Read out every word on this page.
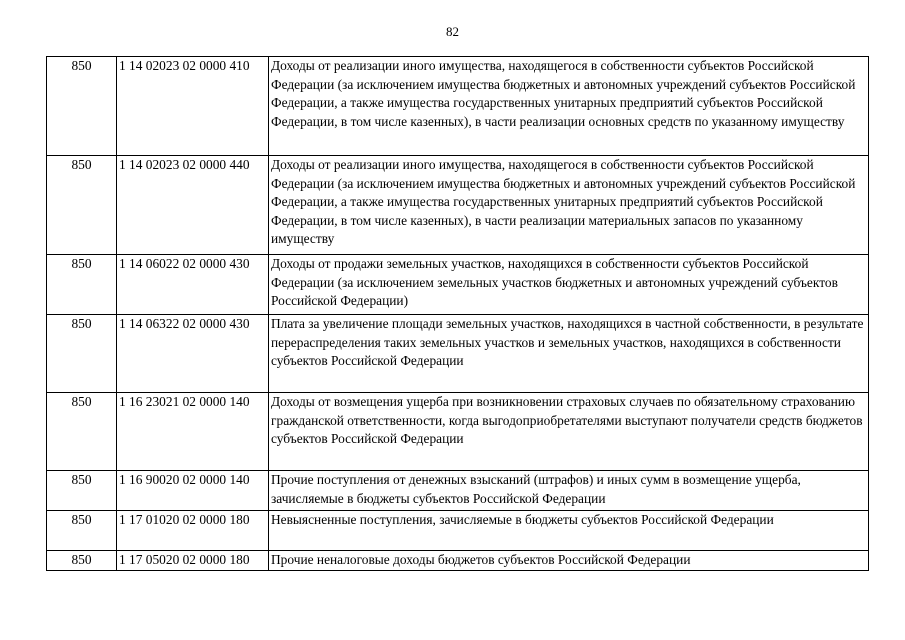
82
850	1 14 02023 02 0000 410	Доходы от реализации иного имущества, находящегося в собственности субъектов Российской Федерации (за исключением имущества бюджетных и автономных учреждений субъектов Российской Федерации, а также имущества государственных унитарных предприятий субъектов Российской Федерации, в том числе казенных), в части реализации основных средств по указанному имуществу
850	1 14 02023 02 0000 440	Доходы от реализации иного имущества, находящегося в собственности субъектов Российской Федерации (за исключением имущества бюджетных и автономных учреждений субъектов Российской Федерации, а также имущества государственных унитарных предприятий субъектов Российской Федерации, в том числе казенных), в части реализации материальных запасов по указанному имуществу
850	1 14 06022 02 0000 430	Доходы от продажи земельных участков, находящихся в собственности субъектов Российской Федерации (за исключением земельных участков бюджетных и автономных учреждений субъектов Российской Федерации)
850	1 14 06322 02 0000 430	Плата за увеличение площади земельных участков, находящихся в частной собственности, в результате перераспределения таких земельных участков и земельных участков, находящихся в собственности субъектов Российской Федерации
850	1 16 23021 02 0000 140	Доходы от возмещения ущерба при возникновении страховых случаев по обязательному страхованию гражданской ответственности, когда выгодоприобретателями выступают получатели средств бюджетов субъектов Российской Федерации
850	1 16 90020 02 0000 140	Прочие поступления от денежных взысканий (штрафов) и иных сумм в возмещение ущерба, зачисляемые в бюджеты субъектов Российской Федерации
850	1 17 01020 02 0000 180	Невыясненные поступления, зачисляемые в бюджеты субъектов Российской Федерации
850	1 17 05020 02 0000 180	Прочие неналоговые доходы бюджетов субъектов Российской Федерации
